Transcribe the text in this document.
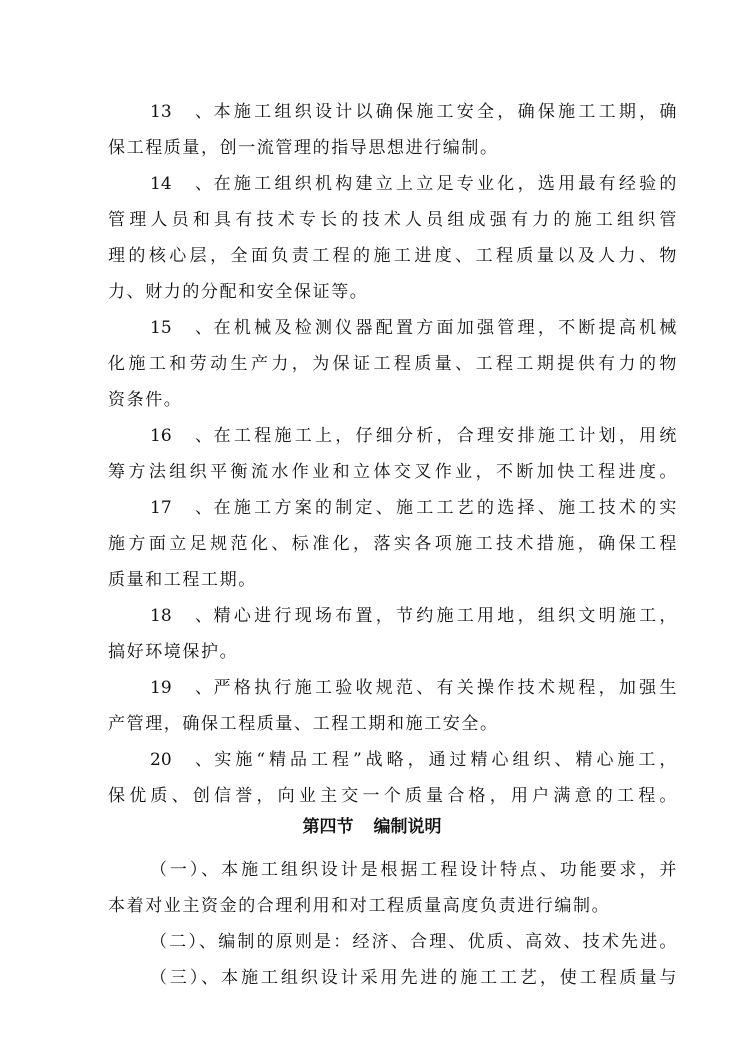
13、本施工组织设计以确保施工安全，确保施工工期，确
保工程质量，创一流管理的指导思想进行编制。
14、在施工组织机构建立上立足专业化，选用最有经验的
管理人员和具有技术专长的技术人员组成强有力的施工组织管
理的核心层，全面负责工程的施工进度、工程质量以及人力、物
力、财力的分配和安全保证等。
15、在机械及检测仪器配置方面加强管理，不断提高机械
化施工和劳动生产力，为保证工程质量、工程工期提供有力的物
资条件。
16、在工程施工上，仔细分析，合理安排施工计划，用统
筹方法组织平衡流水作业和立体交叉作业，不断加快工程进度。
17、在施工方案的制定、施工工艺的选择、施工技术的实
施方面立足规范化、标准化，落实各项施工技术措施，确保工程
质量和工程工期。
18、精心进行现场布置，节约施工用地，组织文明施工，
搞好环境保护。
19、严格执行施工验收规范、有关操作技术规程，加强生
产管理，确保工程质量、工程工期和施工安全。
20、实施“精品工程”战略，通过精心组织、精心施工，
保优质、创信誉，向业主交一个质量合格，用户满意的工程。
第四节 编制说明
（一）、本施工组织设计是根据工程设计特点、功能要求，并
本着对业主资金的合理利用和对工程质量高度负责进行编制。
（二）、编制的原则是：经济、合理、优质、高效、技术先进。
（三）、本施工组织设计采用先进的施工工艺，使工程质量与
